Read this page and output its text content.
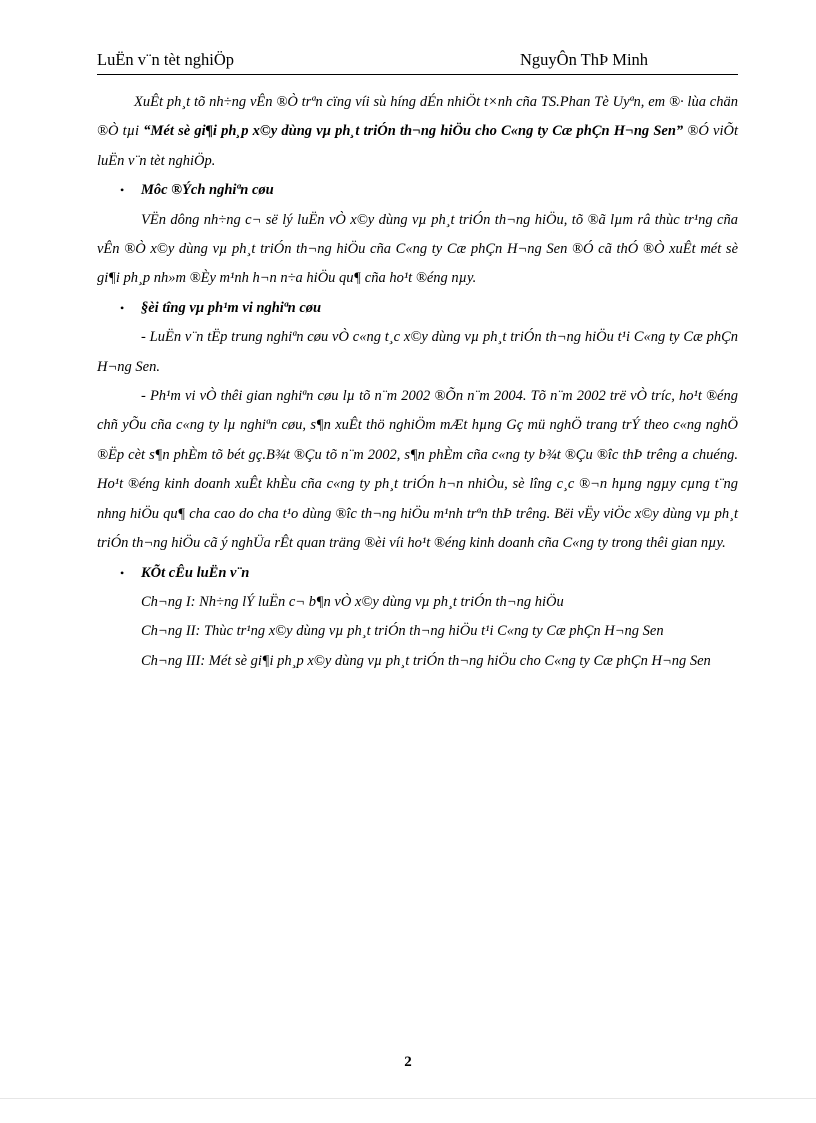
LuËn v¨n tèt nghiÖp	NguyÔn ThÞ Minh

XuÊt ph¸t tõ nh÷ng vÊn ®Ò trªn cïng víi sù híng dÉn nhiÖt t×nh cña TS.Phan Tè Uyªn, em ®· lùa chän ®Ò tµi “Mét sè gi¶i ph¸p x©y dùng vµ ph¸t triÓn th¬ng hiÖu cho C«ng ty Cæ phÇn H¬ng Sen” ®Ó viÕt luËn v¨n tèt nghiÖp.

• Môc ®Ých nghiªn cøu

VËn dông nh÷ng c¬ së lý luËn vÒ x©y dùng vµ ph¸t triÓn th¬ng hiÖu, tõ ®ã lµm râ thùc tr¹ng cña vÊn ®Ò x©y dùng vµ ph¸t triÓn th¬ng hiÖu cña C«ng ty Cæ phÇn H¬ng Sen ®Ó cã thÓ ®Ò xuÊt mét sè gi¶i ph¸p nh»m ®Èy m¹nh h¬n n÷a hiÖu qu¶ cña ho¹t ®éng nµy.

• §èi tîng vµ ph¹m vi nghiªn cøu

- LuËn v¨n tËp trung nghiªn cøu vÒ c«ng t¸c x©y dùng vµ ph¸t triÓn th¬ng hiÖu t¹i C«ng ty Cæ phÇn H¬ng Sen.

- Ph¹m vi vÒ thêi gian nghiªn cøu lµ tõ n¨m 2002 ®Õn n¨m 2004. Tõ n¨m 2002 trë vÒ tríc, ho¹t ®éng chñ yÕu cña c«ng ty lµ nghiªn cøu, s¶n xuÊt thö nghiÖm mÆt hµng Gç mü nghÖ trang trÝ theo c«ng nghÖ ®Ëp cèt s¶n phÈm tõ bét gç.B¾t ®Çu tõ n¨m 2002, s¶n phÈm cña c«ng ty b¾t ®Çu ®îc thÞ trêng a chuéng. Ho¹t ®éng kinh doanh xuÊt khÈu cña c«ng ty ph¸t triÓn h¬n nhiÒu, sè lîng c¸c ®¬n hµng ngµy cµng t¨ng nhng hiÖu qu¶ cha cao do cha t¹o dùng ®îc th¬ng hiÖu m¹nh trªn thÞ trêng. Bëi vËy viÖc x©y dùng vµ ph¸t triÓn th¬ng hiÖu cã ý nghÜa rÊt quan träng ®èi víi ho¹t ®éng kinh doanh cña C«ng ty trong thêi gian nµy.

• KÕt cÊu luËn v¨n

Ch¬ng I: Nh÷ng lÝ luËn c¬ b¶n vÒ x©y dùng vµ ph¸t triÓn th¬ng hiÖu

Ch¬ng II: Thùc tr¹ng x©y dùng vµ ph¸t triÓn th¬ng hiÖu t¹i C«ng ty Cæ phÇn H¬ng Sen

Ch¬ng III: Mét sè gi¶i ph¸p x©y dùng vµ ph¸t triÓn th¬ng hiÖu cho C«ng ty Cæ phÇn H¬ng Sen

2
